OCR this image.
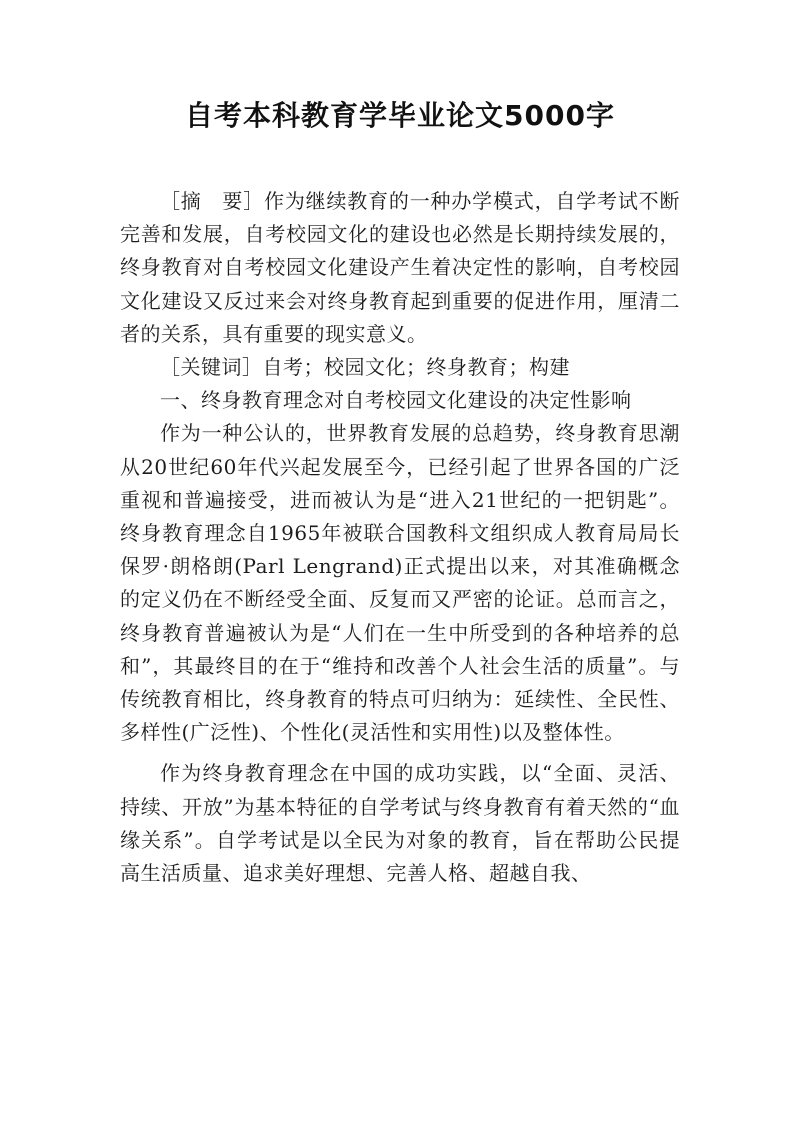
自考本科教育学毕业论文5000字

［摘　要］作为继续教育的一种办学模式，自学考试不断完善和发展，自考校园文化的建设也必然是长期持续发展的，终身教育对自考校园文化建设产生着决定性的影响，自考校园文化建设又反过来会对终身教育起到重要的促进作用，厘清二者的关系，具有重要的现实意义。

［关键词］自考；校园文化；终身教育；构建

一、终身教育理念对自考校园文化建设的决定性影响

作为一种公认的，世界教育发展的总趋势，终身教育思潮从20世纪60年代兴起发展至今，已经引起了世界各国的广泛重视和普遍接受，进而被认为是“进入21世纪的一把钥匙”。终身教育理念自1965年被联合国教科文组织成人教育局局长保罗·朗格朗(Parl Lengrand)正式提出以来，对其准确概念的定义仍在不断经受全面、反复而又严密的论证。总而言之，终身教育普遍被认为是“人们在一生中所受到的各种培养的总和”，其最终目的在于“维持和改善个人社会生活的质量”。与传统教育相比，终身教育的特点可归纳为：延续性、全民性、多样性(广泛性)、个性化(灵活性和实用性)以及整体性。

作为终身教育理念在中国的成功实践，以“全面、灵活、持续、开放”为基本特征的自学考试与终身教育有着天然的“血缘关系”。自学考试是以全民为对象的教育，旨在帮助公民提高生活质量、追求美好理想、完善人格、超越自我、
